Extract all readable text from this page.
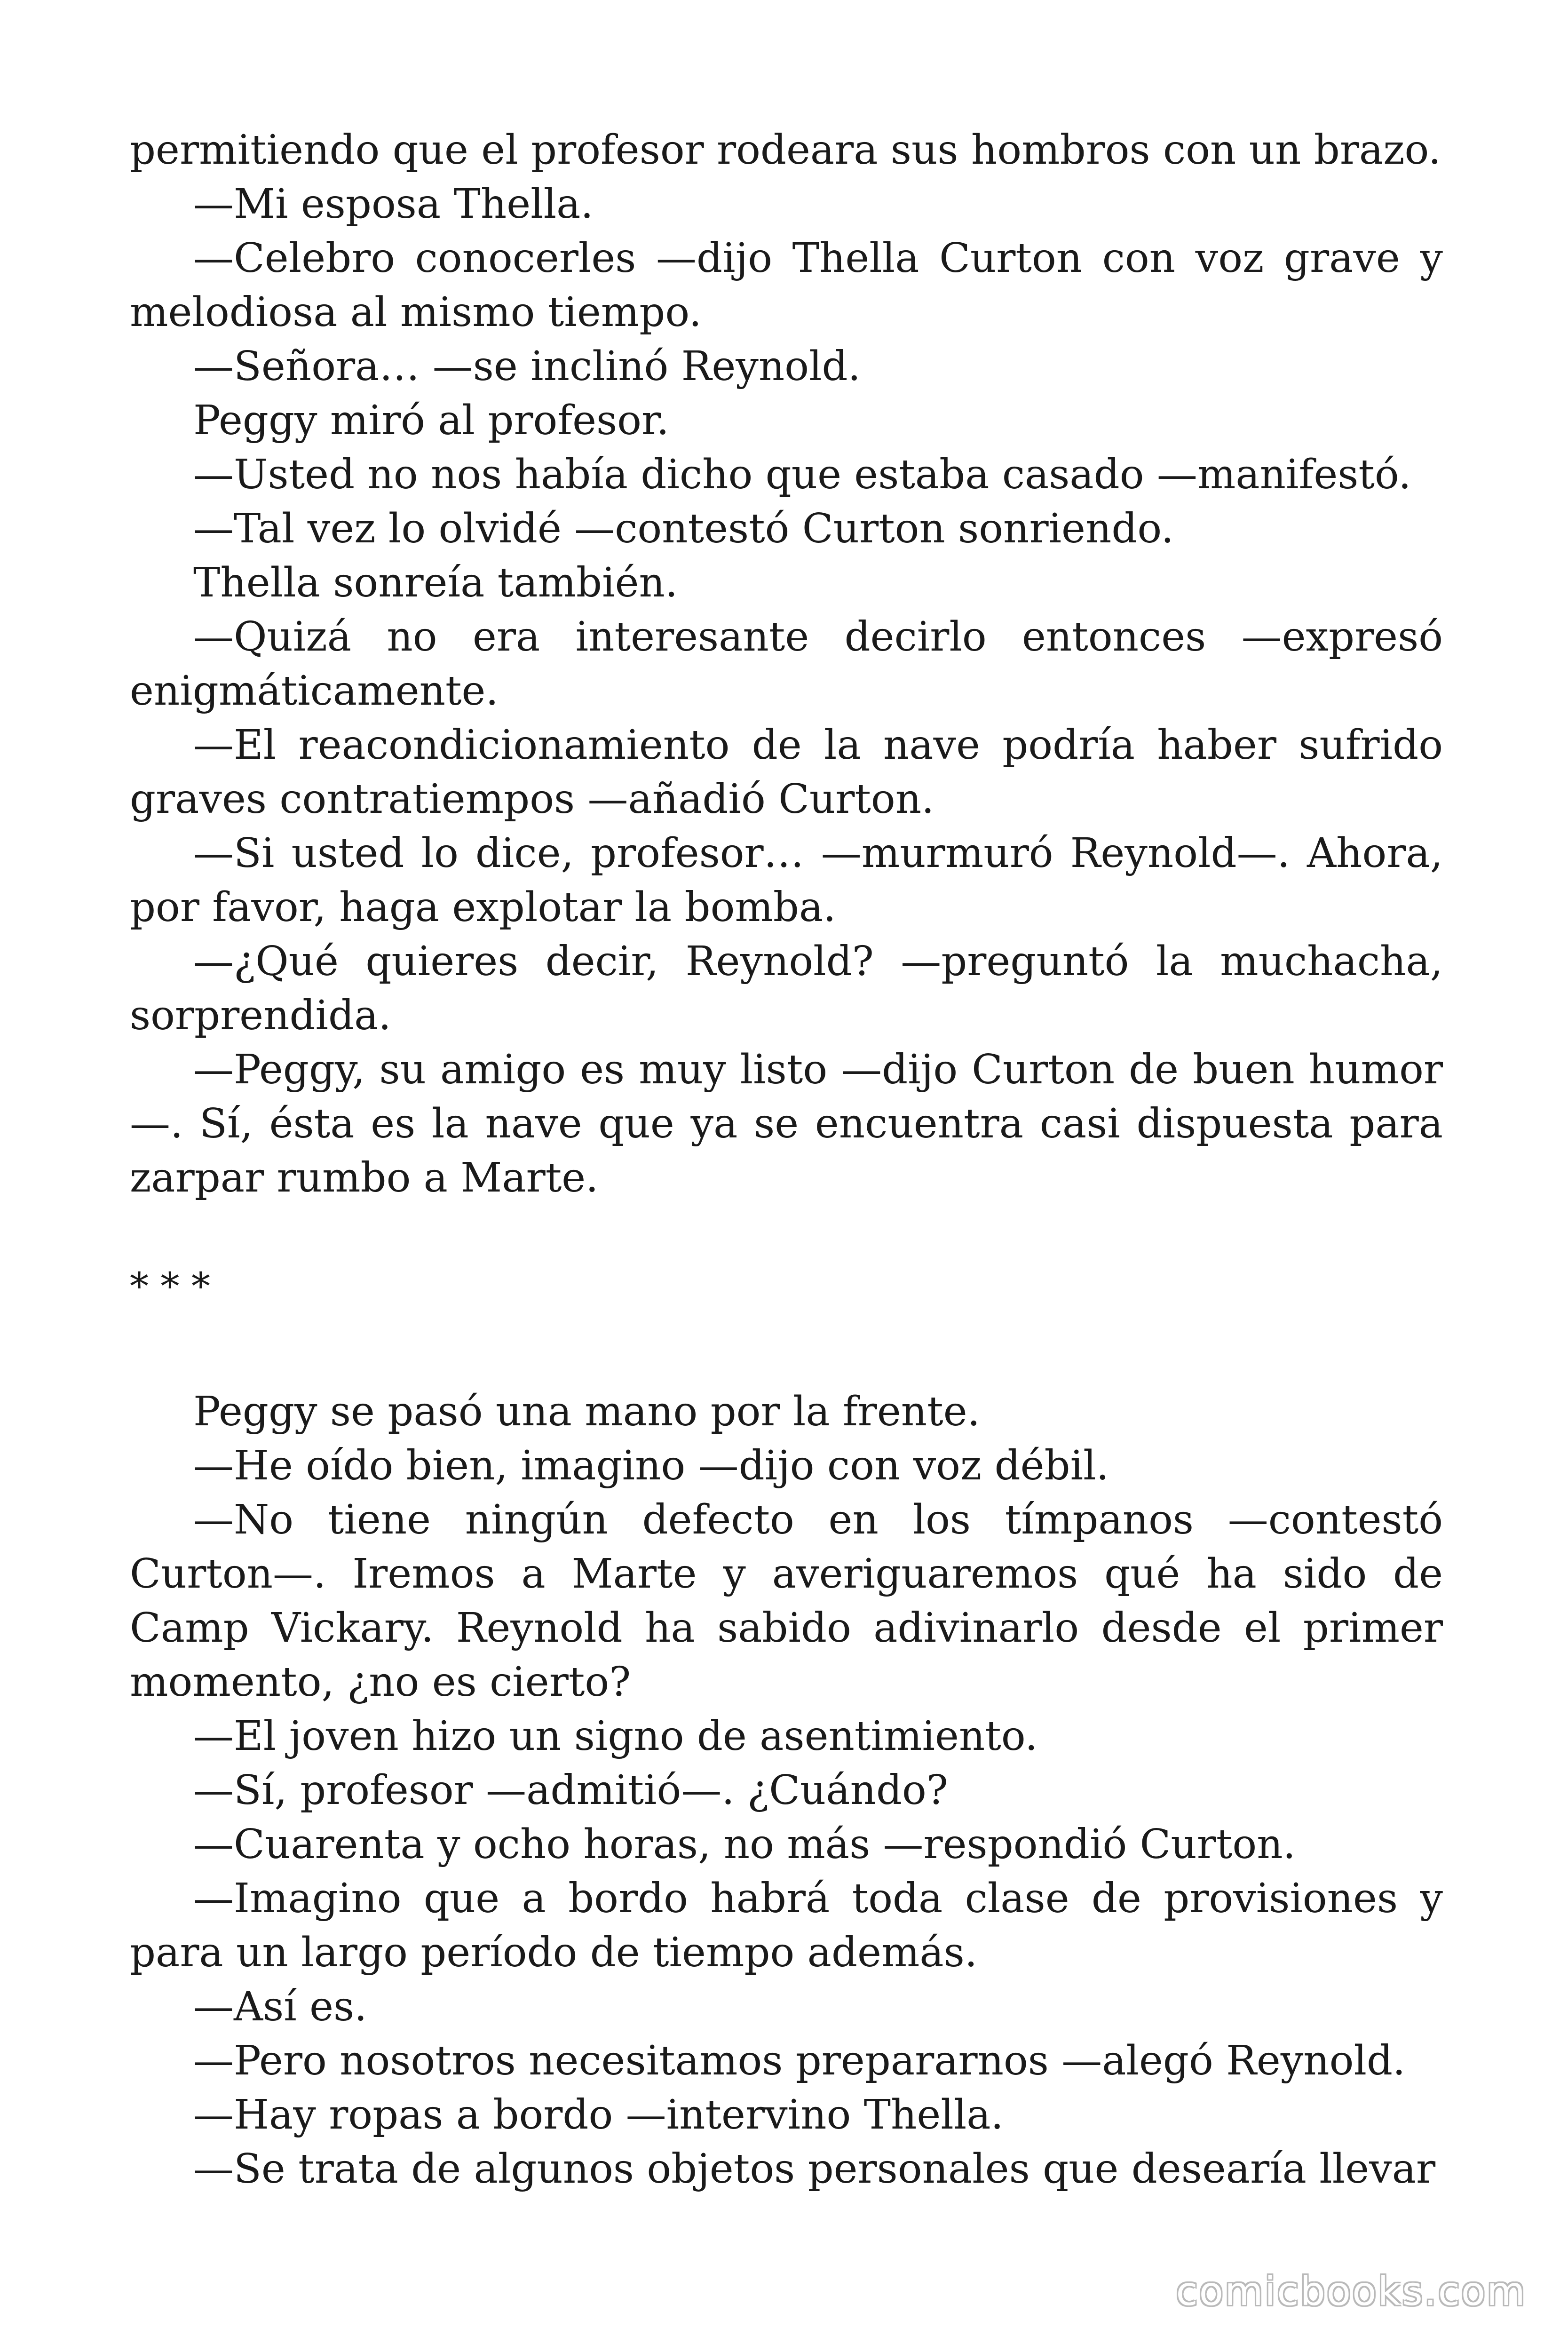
permitiendo que el profesor rodeara sus hombros con un brazo.

—Mi esposa Thella.

—Celebro conocerles —dijo Thella Curton con voz grave y melodiosa al mismo tiempo.

—Señora… —se inclinó Reynold.

Peggy miró al profesor.

—Usted no nos había dicho que estaba casado —manifestó.

—Tal vez lo olvidé —contestó Curton sonriendo.

Thella sonreía también.

—Quizá no era interesante decirlo entonces —expresó enigmáticamente.

—El reacondicionamiento de la nave podría haber sufrido graves contratiempos —añadió Curton.

—Si usted lo dice, profesor… —murmuró Reynold—. Ahora, por favor, haga explotar la bomba.

—¿Qué quieres decir, Reynold? —preguntó la muchacha, sorprendida.

—Peggy, su amigo es muy listo —dijo Curton de buen humor—. Sí, ésta es la nave que ya se encuentra casi dispuesta para zarpar rumbo a Marte.

* * *

Peggy se pasó una mano por la frente.

—He oído bien, imagino —dijo con voz débil.

—No tiene ningún defecto en los tímpanos —contestó Curton—. Iremos a Marte y averiguaremos qué ha sido de Camp Vickary. Reynold ha sabido adivinarlo desde el primer momento, ¿no es cierto?

—El joven hizo un signo de asentimiento.

—Sí, profesor —admitió—. ¿Cuándo?

—Cuarenta y ocho horas, no más —respondió Curton.

—Imagino que a bordo habrá toda clase de provisiones y para un largo período de tiempo además.

—Así es.

—Pero nosotros necesitamos prepararnos —alegó Reynold.

—Hay ropas a bordo —intervino Thella.

—Se trata de algunos objetos personales que desearía llevar

comicbooks.com
